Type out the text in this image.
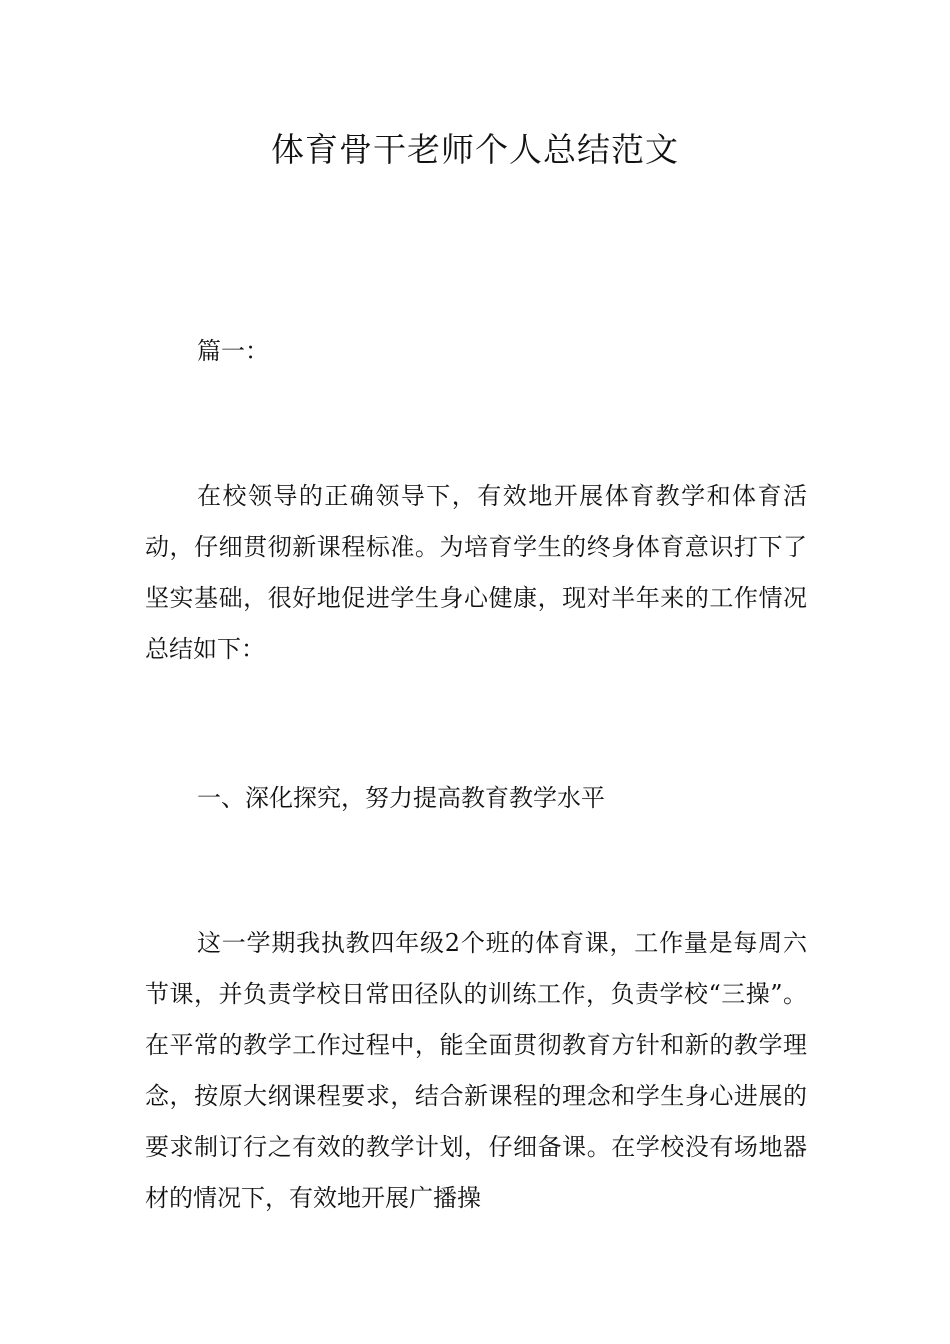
体育骨干老师个人总结范文
篇一：
在校领导的正确领导下，有效地开展体育教学和体育活动，仔细贯彻新课程标准。为培育学生的终身体育意识打下了坚实基础，很好地促进学生身心健康，现对半年来的工作情况总结如下：
一、深化探究，努力提高教育教学水平
这一学期我执教四年级2个班的体育课，工作量是每周六节课，并负责学校日常田径队的训练工作，负责学校“三操”。在平常的教学工作过程中，能全面贯彻教育方针和新的教学理念，按原大纲课程要求，结合新课程的理念和学生身心进展的要求制订行之有效的教学计划，仔细备课。在学校没有场地器材的情况下，有效地开展广播操
